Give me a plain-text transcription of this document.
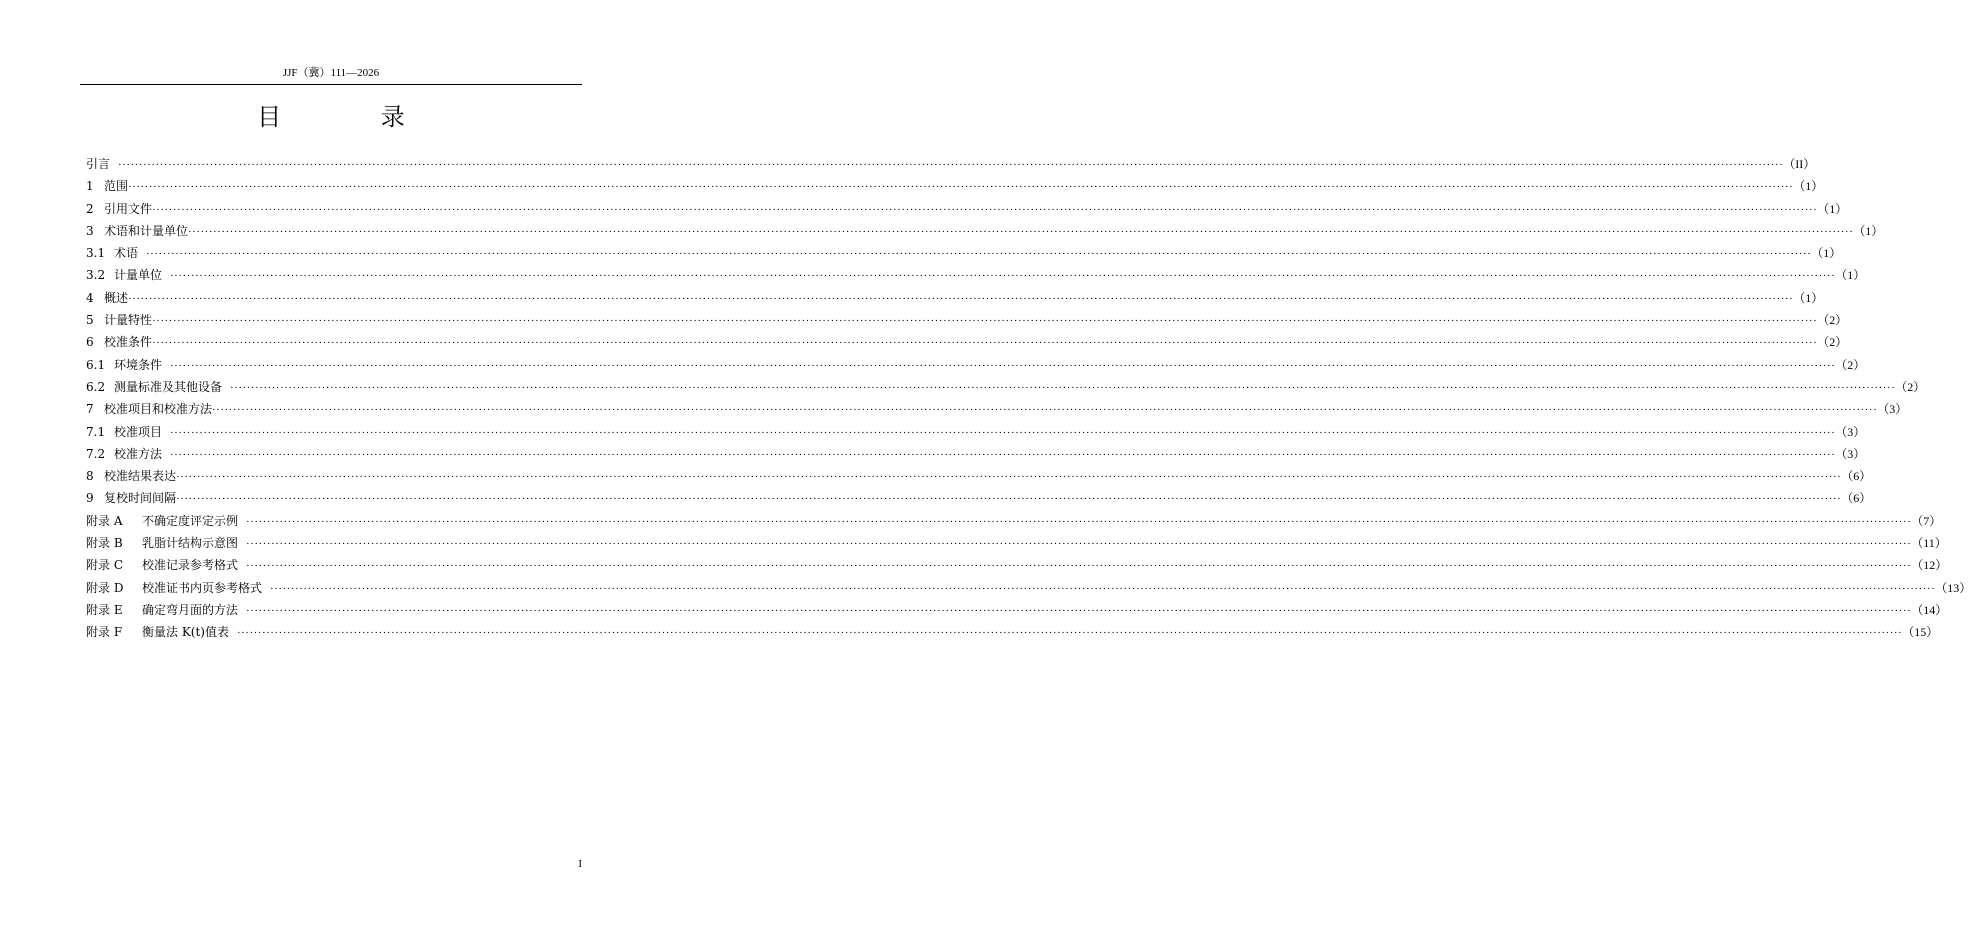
JJF（冀）111—2026
目 录
引言 ················································································································································································································································································································································································································ （II）
1 范围 ················································································································································································································································································································································································································ （1）
2 引用文件 ················································································································································································································································································································································································································ （1）
3 术语和计量单位 ················································································································································································································································································································································································································ （1）
3.1 术语 ················································································································································································································································································································································································································ （1）
3.2 计量单位 ················································································································································································································································································································································································································ （1）
4 概述 ················································································································································································································································································································································································································ （1）
5 计量特性 ················································································································································································································································································································································································································ （2）
6 校准条件 ················································································································································································································································································································································································································ （2）
6.1 环境条件 ················································································································································································································································································································································································································ （2）
6.2 测量标准及其他设备 ················································································································································································································································································································································································································ （2）
7 校准项目和校准方法 ················································································································································································································································································································································································································ （3）
7.1 校准项目 ················································································································································································································································································································································································································ （3）
7.2 校准方法 ················································································································································································································································································································································································································ （3）
8 校准结果表达 ················································································································································································································································································································································································································ （6）
9 复校时间间隔 ················································································································································································································································································································································································································ （6）
附录 A	不确定度评定示例 ················································································································································································································································································································································································································ （7）
附录 B	乳脂计结构示意图 ················································································································································································································································································································································································································ （11）
附录 C	校准记录参考格式 ················································································································································································································································································································································································································ （12）
附录 D	校准证书内页参考格式 ················································································································································································································································································································································································································ （13）
附录 E	确定弯月面的方法 ················································································································································································································································································································································································································ （14）
附录 F	衡量法 K(t)值表 ················································································································································································································································································································································································································ （15）
I
